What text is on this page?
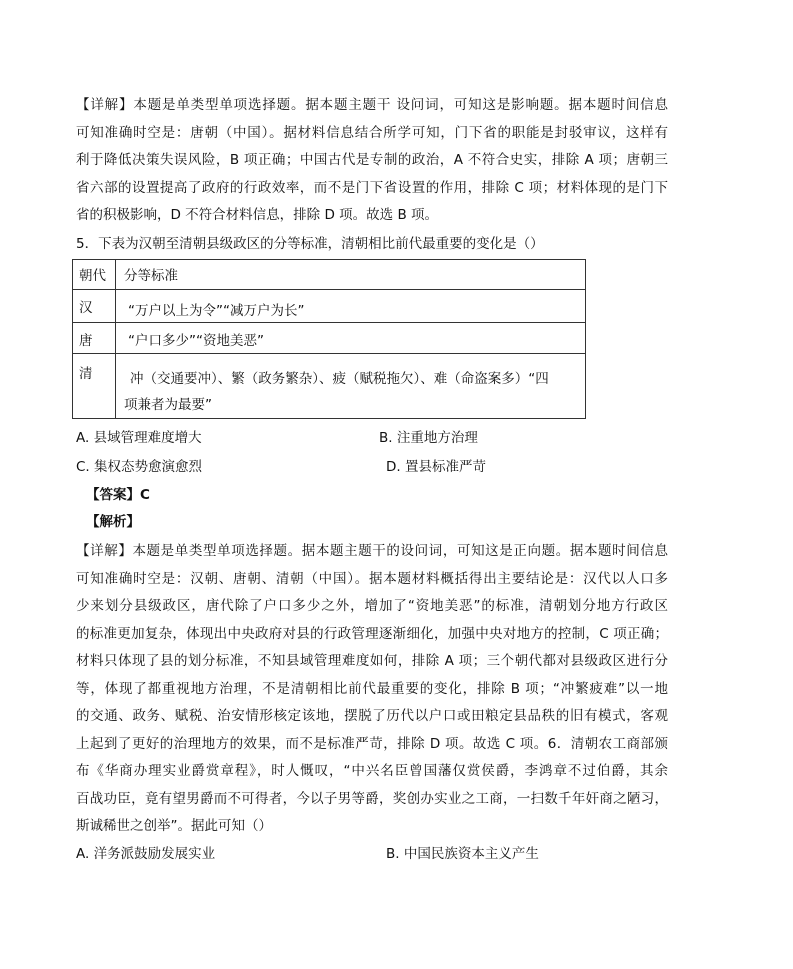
【详解】本题是单类型单项选择题。据本题主题干 设问词，可知这是影响题。据本题时间信息
可知准确时空是：唐朝（中国）。据材料信息结合所学可知，门下省的职能是封驳审议，这样有
利于降低决策失误风险，B 项正确；中国古代是专制的政治，A 不符合史实，排除 A 项；唐朝三
省六部的设置提高了政府的行政效率，而不是门下省设置的作用，排除 C 项；材料体现的是门下
省的积极影响，D 不符合材料信息，排除 D 项。故选 B 项。

5．下表为汉朝至清朝县级政区的分等标准，清朝相比前代最重要的变化是（）

朝代	分等标准
汉	“万户以上为令”“减万户为长”
唐	“户口多少”“资地美恶”
清	冲（交通要冲）、繁（政务繁杂）、疲（赋税拖欠）、难（命盗案多）“四
项兼者为最要”

A. 县域管理难度增大	B. 注重地方治理

C. 集权态势愈演愈烈	D. 置县标准严苛

【答案】C

【解析】

【详解】本题是单类型单项选择题。据本题主题干的设问词，可知这是正向题。据本题时间信息
可知准确时空是：汉朝、唐朝、清朝（中国）。据本题材料概括得出主要结论是：汉代以人口多
少来划分县级政区，唐代除了户口多少之外，增加了“资地美恶”的标准，清朝划分地方行政区
的标准更加复杂，体现出中央政府对县的行政管理逐渐细化，加强中央对地方的控制，C 项正确；
材料只体现了县的划分标准，不知县域管理难度如何，排除 A 项；三个朝代都对县级政区进行分
等，体现了都重视地方治理，不是清朝相比前代最重要的变化，排除 B 项；“冲繁疲难”以一地
的交通、政务、赋税、治安情形核定该地，摆脱了历代以户口或田粮定县品秩的旧有模式，客观
上起到了更好的治理地方的效果，而不是标准严苛，排除 D 项。故选 C 项。6．清朝农工商部颁
布《华商办理实业爵赏章程》，时人慨叹，“中兴名臣曾国藩仅赏侯爵，李鸿章不过伯爵，其余
百战功臣，竟有望男爵而不可得者，今以子男等爵，奖创办实业之工商，一扫数千年奸商之陋习，
斯诚稀世之创举”。据此可知（）

A. 洋务派鼓励发展实业	B. 中国民族资本主义产生
